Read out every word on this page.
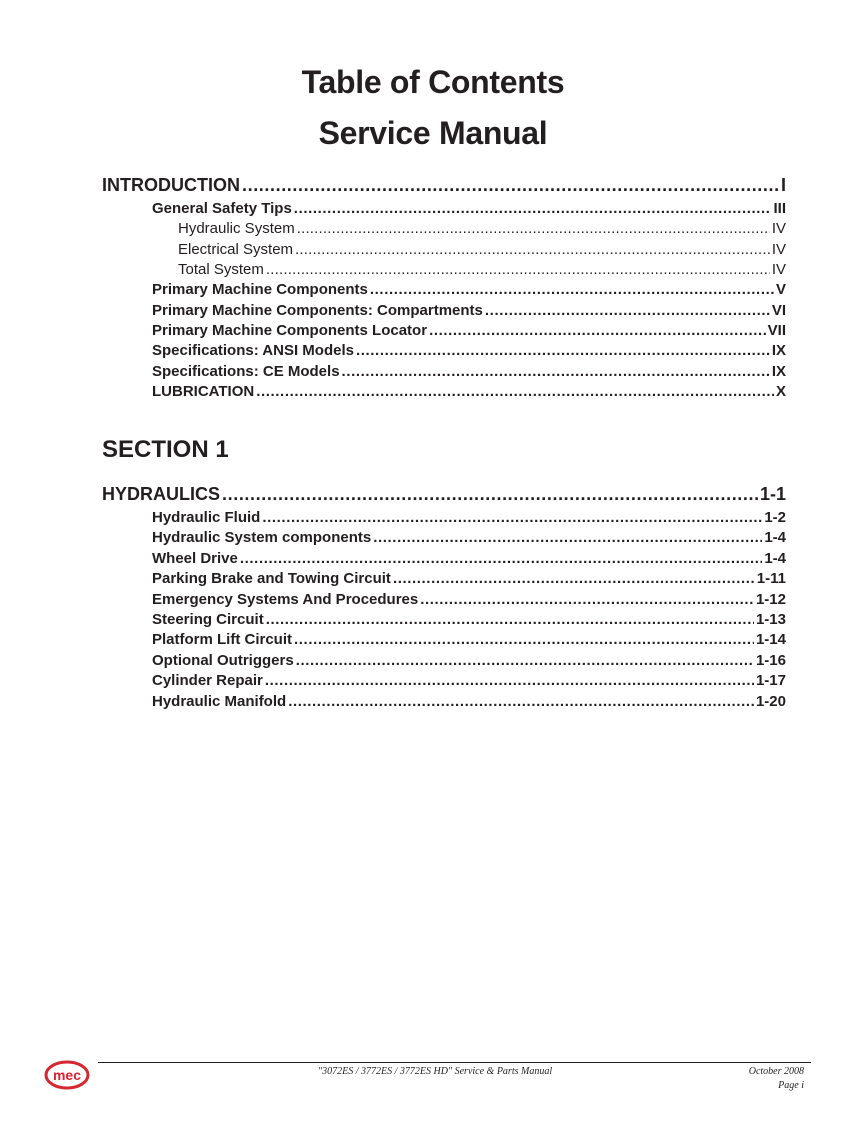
Table of Contents
Service Manual
INTRODUCTION .....	I
General Safety Tips .....	III
Hydraulic System .....	IV
Electrical System .....	IV
Total System .....	IV
Primary Machine Components .....	V
Primary Machine Components: Compartments .....	VI
Primary Machine Components Locator .....	VII
Specifications: ANSI Models .....	IX
Specifications: CE Models .....	IX
LUBRICATION .....	X
SECTION 1
HYDRAULICS .....	1-1
Hydraulic Fluid .....	1-2
Hydraulic System components .....	1-4
Wheel Drive .....	1-4
Parking Brake and Towing Circuit .....	1-11
Emergency Systems And Procedures .....	1-12
Steering Circuit .....	1-13
Platform Lift Circuit .....	1-14
Optional Outriggers .....	1-16
Cylinder Repair .....	1-17
Hydraulic Manifold .....	1-20
mec	"3072ES / 3772ES / 3772ES HD" Service & Parts Manual	October 2008
Page i
